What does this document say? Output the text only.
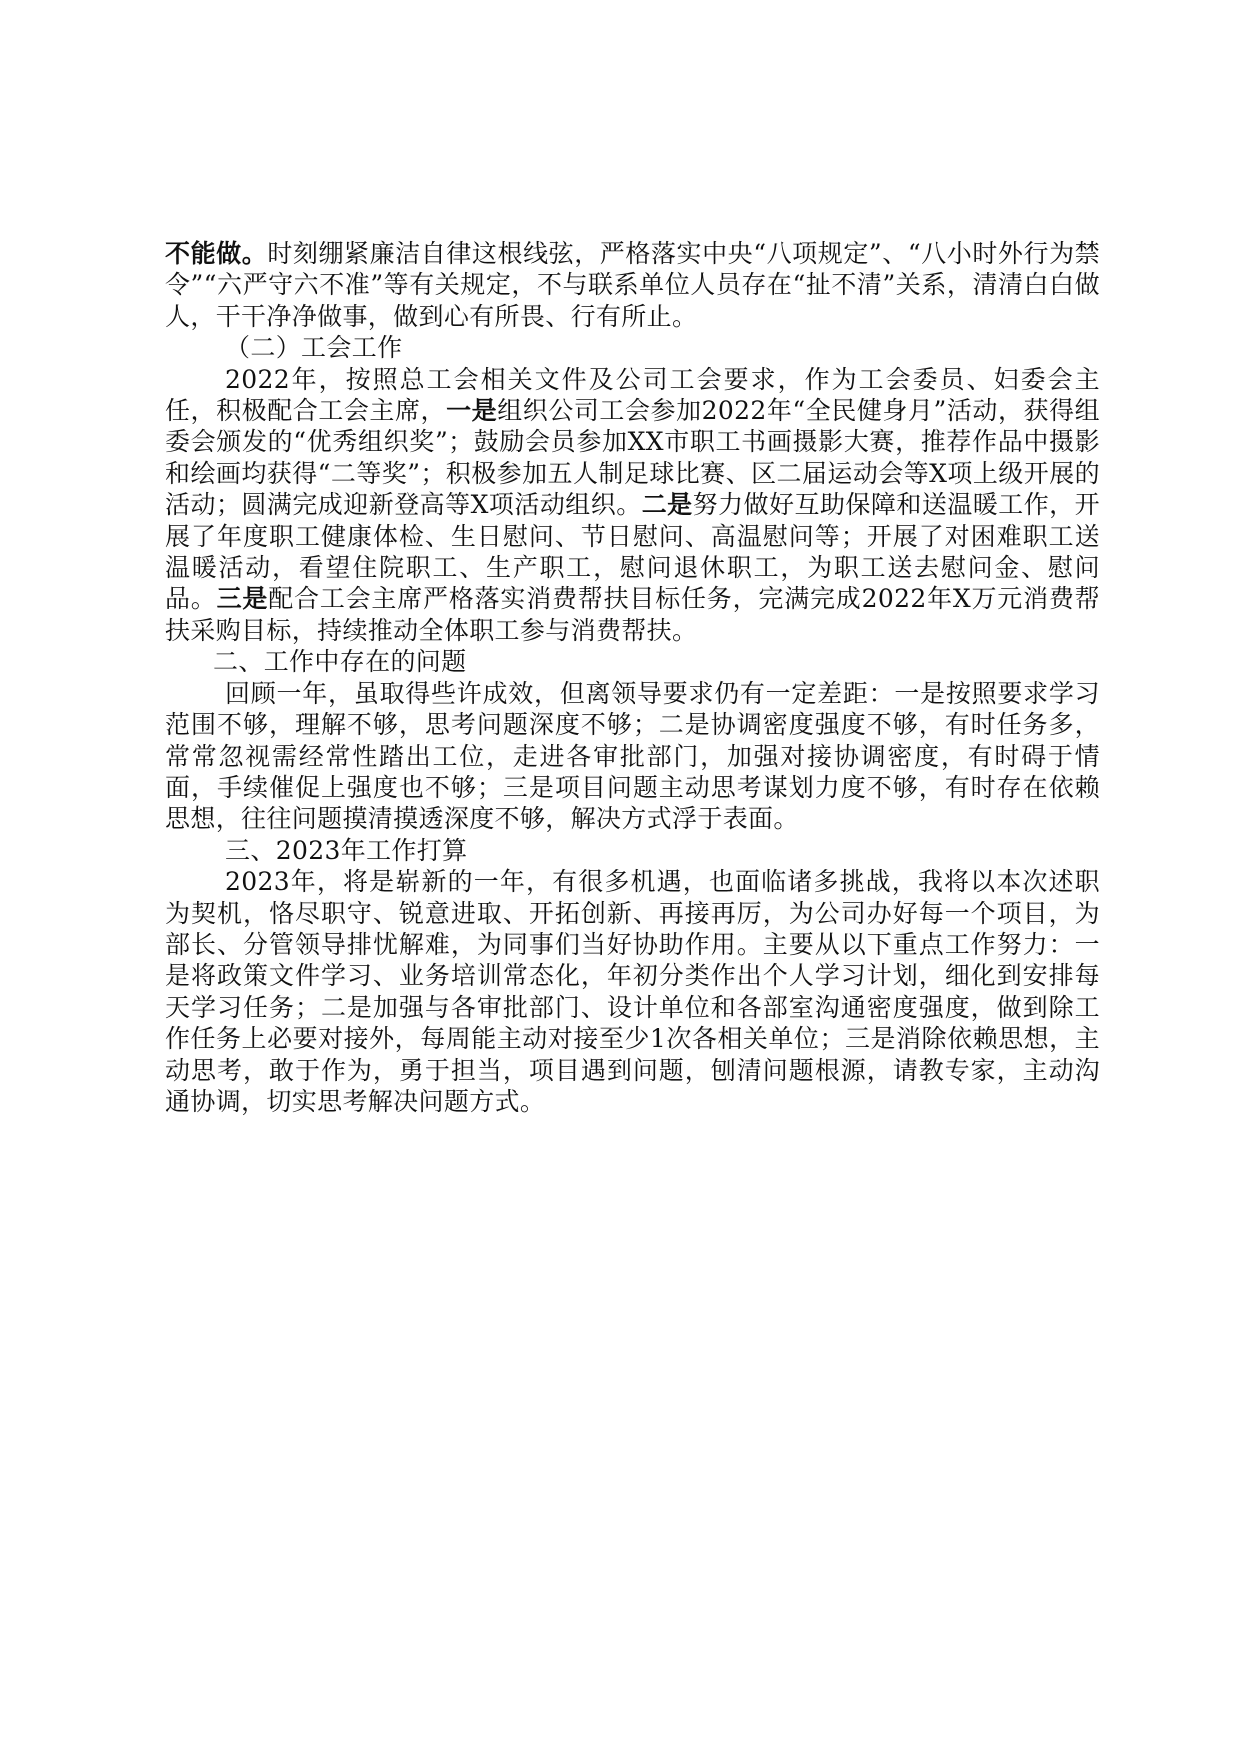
不能做。时刻绷紧廉洁自律这根线弦，严格落实中央“八项规定”、“八小时外行为禁令”“六严守六不准”等有关规定，不与联系单位人员存在“扯不清”关系，清清白白做人，干干净净做事，做到心有所畏、行有所止。

（二）工会工作

2022年，按照总工会相关文件及公司工会要求，作为工会委员、妇委会主任，积极配合工会主席，一是组织公司工会参加2022年“全民健身月”活动，获得组委会颁发的“优秀组织奖”；鼓励会员参加XX市职工书画摄影大赛，推荐作品中摄影和绘画均获得“二等奖”；积极参加五人制足球比赛、区二届运动会等X项上级开展的活动；圆满完成迎新登高等X项活动组织。二是努力做好互助保障和送温暖工作，开展了年度职工健康体检、生日慰问、节日慰问、高温慰问等；开展了对困难职工送温暖活动，看望住院职工、生产职工，慰问退休职工，为职工送去慰问金、慰问品。三是配合工会主席严格落实消费帮扶目标任务，完满完成2022年X万元消费帮扶采购目标，持续推动全体职工参与消费帮扶。

二、工作中存在的问题

回顾一年，虽取得些许成效，但离领导要求仍有一定差距：一是按照要求学习范围不够，理解不够，思考问题深度不够；二是协调密度强度不够，有时任务多，常常忽视需经常性踏出工位，走进各审批部门，加强对接协调密度，有时碍于情面，手续催促上强度也不够；三是项目问题主动思考谋划力度不够，有时存在依赖思想，往往问题摸清摸透深度不够，解决方式浮于表面。

三、2023年工作打算

2023年，将是崭新的一年，有很多机遇，也面临诸多挑战，我将以本次述职为契机，恪尽职守、锐意进取、开拓创新、再接再厉，为公司办好每一个项目，为部长、分管领导排忧解难，为同事们当好协助作用。主要从以下重点工作努力：一是将政策文件学习、业务培训常态化，年初分类作出个人学习计划，细化到安排每天学习任务；二是加强与各审批部门、设计单位和各部室沟通密度强度，做到除工作任务上必要对接外，每周能主动对接至少1次各相关单位；三是消除依赖思想，主动思考，敢于作为，勇于担当，项目遇到问题，刨清问题根源，请教专家，主动沟通协调，切实思考解决问题方式。
